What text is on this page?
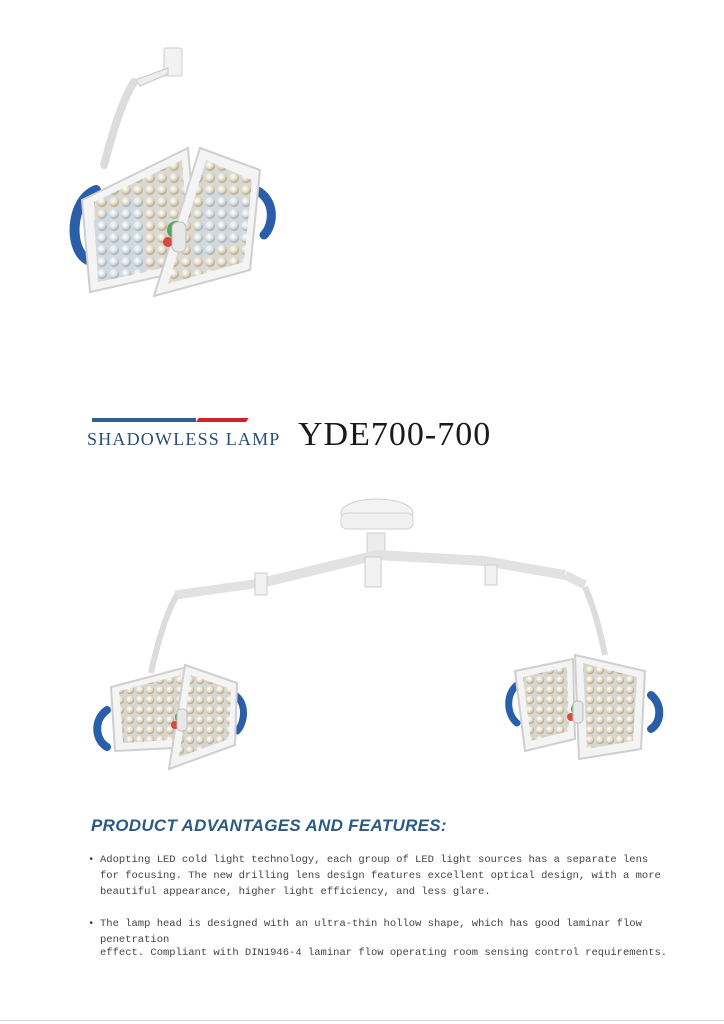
SHADOWLESS LAMP YDE700-700
PRODUCT ADVANTAGES AND FEATURES:
• Adopting LED cold light technology, each group of LED light sources has a separate lens for focusing. The new drilling lens design features excellent optical design, with a more beautiful appearance, higher light efficiency, and less glare.
• The lamp head is designed with an ultra-thin hollow shape, which has good laminar flow penetration
effect. Compliant with DIN1946-4 laminar flow operating room sensing control requirements.
